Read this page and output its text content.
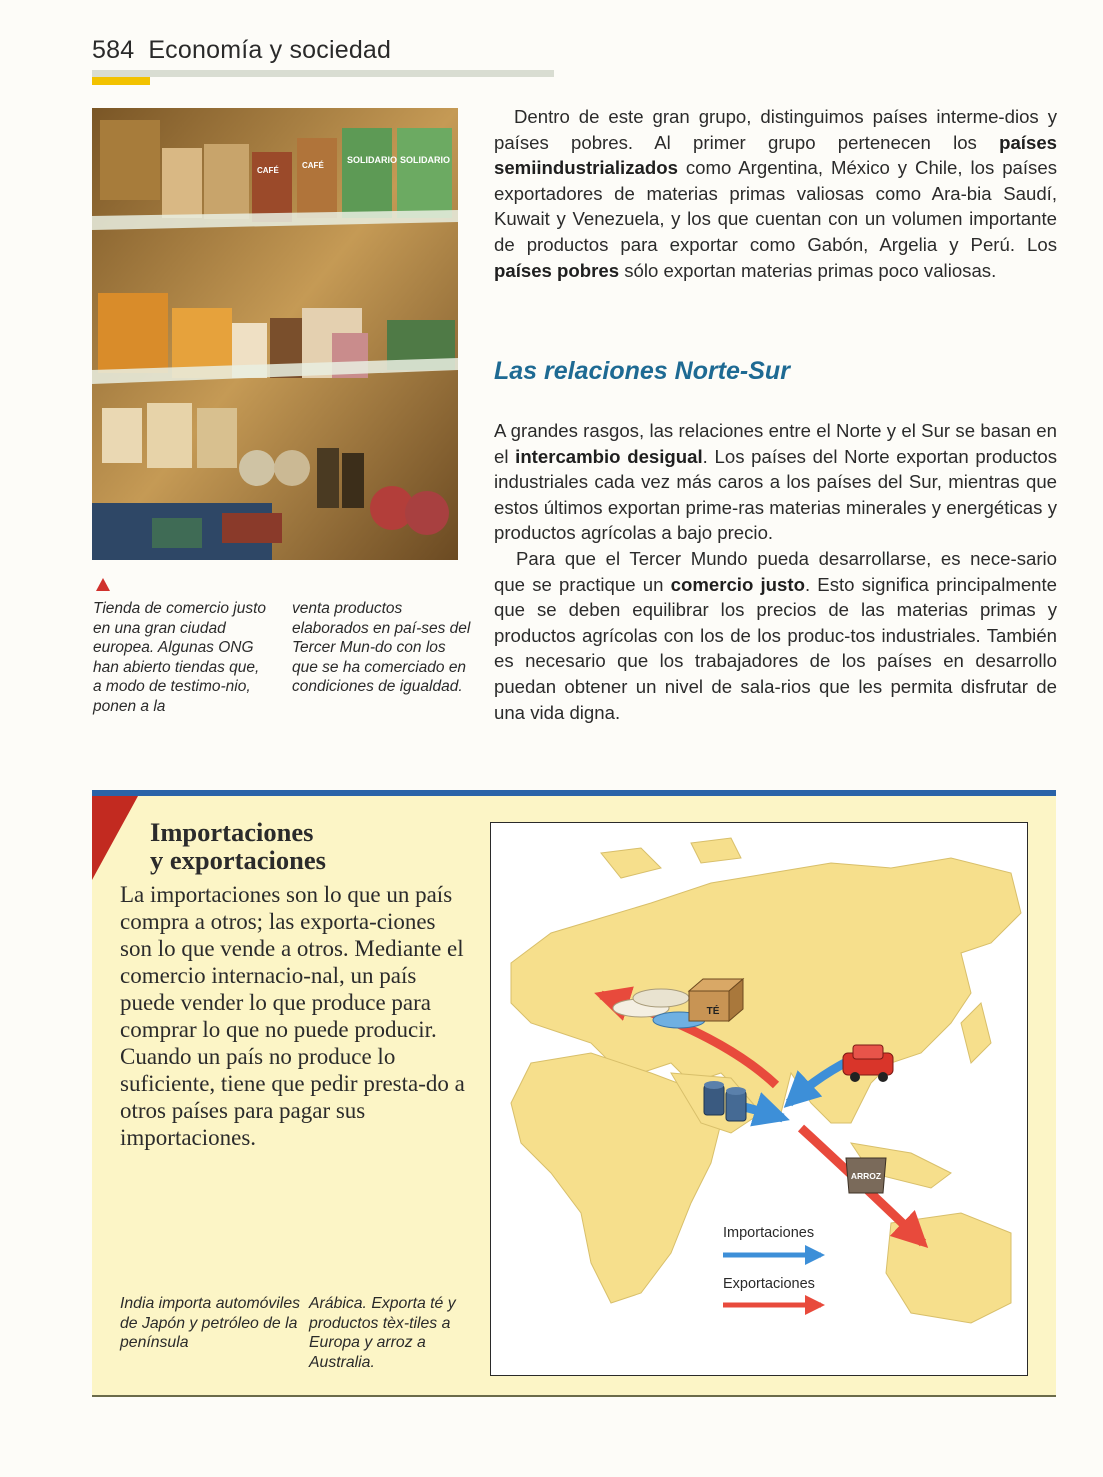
584 Economía y sociedad
SOLIDARIO SOLIDARIO
CAFÉ
CAFÉ
Tienda de comercio justo en una gran ciudad europea. Algunas ONG han abierto tiendas que, a modo de testimo-nio, ponen a la
venta productos elaborados en paí-ses del Tercer Mun-do con los que se ha comerciado en condiciones de igualdad.

Dentro de este gran grupo, distinguimos países interme-dios y países pobres. Al primer grupo pertenecen los países semiindustrializados como Argentina, México y Chile, los países exportadores de materias primas valiosas como Ara-bia Saudí, Kuwait y Venezuela, y los que cuentan con un volumen importante de productos para exportar como Gabón, Argelia y Perú. Los países pobres sólo exportan materias primas poco valiosas.

Las relaciones Norte-Sur

A grandes rasgos, las relaciones entre el Norte y el Sur se basan en el intercambio desigual. Los países del Norte exportan productos industriales cada vez más caros a los países del Sur, mientras que estos últimos exportan prime-ras materias minerales y energéticas y productos agrícolas a bajo precio.

Para que el Tercer Mundo pueda desarrollarse, es nece-sario que se practique un comercio justo. Esto significa principalmente que se deben equilibrar los precios de las materias primas y productos agrícolas con los de los produc-tos industriales. También es necesario que los trabajadores de los países en desarrollo puedan obtener un nivel de sala-rios que les permita disfrutar de una vida digna.

Importaciones
y exportaciones
La importaciones son lo que un país compra a otros; las exporta-ciones son lo que vende a otros. Mediante el comercio internacio-nal, un país puede vender lo que produce para comprar lo que no puede producir.
Cuando un país no produce lo suficiente, tiene que pedir presta-do a otros países para pagar sus importaciones.
India importa automóviles de Japón y petróleo de la península
Arábica. Exporta té y productos tèx-tiles a Europa y arroz a Australia.
TÉ
ARROZ
Importaciones
Exportaciones
